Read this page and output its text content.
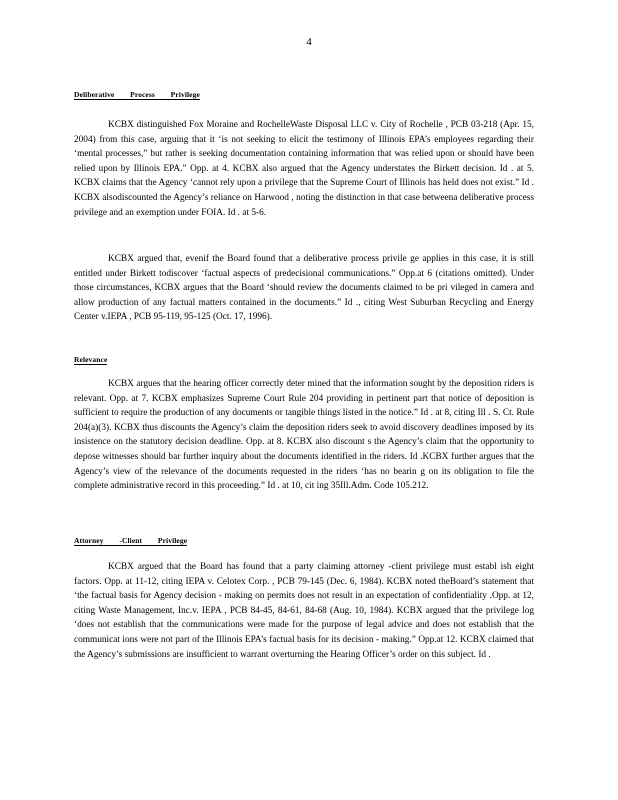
4
Deliberative        Process        Privilege

KCBX distinguished Fox Moraine and RochelleWaste Disposal LLC v. City of Rochelle , PCB 03-218 (Apr. 15, 2004) from this case, arguing that it ‘is not seeking to elicit the testimony of Illinois EPA’s employees regarding their ‘mental processes,” but rather is seeking documentation containing information that was relied upon or should have been relied upon by Illinois EPA.” Opp. at 4. KCBX also argued that the Agency understates the Birkett decision. Id . at 5. KCBX claims that the Agency ‘cannot rely upon a privilege that the Supreme Court of Illinois has held does not exist.” Id . KCBX alsodiscounted the Agency’s reliance on Harwood , noting the distinction in that case betweena deliberative process privilege and an exemption under FOIA. Id . at 5-6.

KCBX argued that, evenif the Board found that a deliberative process privile ge applies in this case, it is still entitled under Birkett todiscover ‘factual aspects of predecisional communications.” Opp.at 6 (citations omitted). Under those circumstances, KCBX argues that the Board ‘should review the documents claimed to be pri vileged in camera and allow production of any factual matters contained in the documents.” Id ., citing West Suburban Recycling and Energy Center v.IEPA , PCB 95-119, 95-125 (Oct. 17, 1996).

Relevance

KCBX argues that the hearing officer correctly deter mined that the information sought by the deposition riders is relevant. Opp. at 7. KCBX emphasizes Supreme Court Rule 204 providing in pertinent part that notice of deposition is sufficient to require the production of any documents or tangible things listed in the notice.” Id . at 8, citing Ill . S. Ct. Rule 204(a)(3). KCBX thus discounts the Agency’s claim the deposition riders seek to avoid discovery deadlines imposed by its insistence on the statutory decision deadline. Opp. at 8. KCBX also discount s the Agency’s claim that the opportunity to depose witnesses should bar further inquiry about the documents identified in the riders. Id .KCBX further argues that the Agency’s view of the relevance of the documents requested in the riders ‘has no bearin g on its obligation to file the complete administrative record in this proceeding.” Id . at 10, cit ing 35Ill.Adm. Code 105.212.

Attorney        -Client        Privilege

KCBX argued that the Board has found that a party claiming attorney -client privilege must establ ish eight factors. Opp. at 11-12, citing IEPA v. Celotex Corp. , PCB 79-145 (Dec. 6, 1984). KCBX noted theBoard’s statement that ‘the factual basis for Agency decision - making on permits does not result in an expectation of confidentiality .Opp. at 12, citing Waste Management, Inc.v. IEPA , PCB 84-45, 84-61, 84-68 (Aug. 10, 1984). KCBX argued that the privilege log ‘does not establish that the communications were made for the purpose of legal advice and does not establish that the communicat ions were not part of the Illinois EPA’s factual basis for its decision - making.” Opp.at 12. KCBX claimed that the Agency’s submissions are insufficient to warrant overturning the Hearing Officer’s order on this subject. Id .
